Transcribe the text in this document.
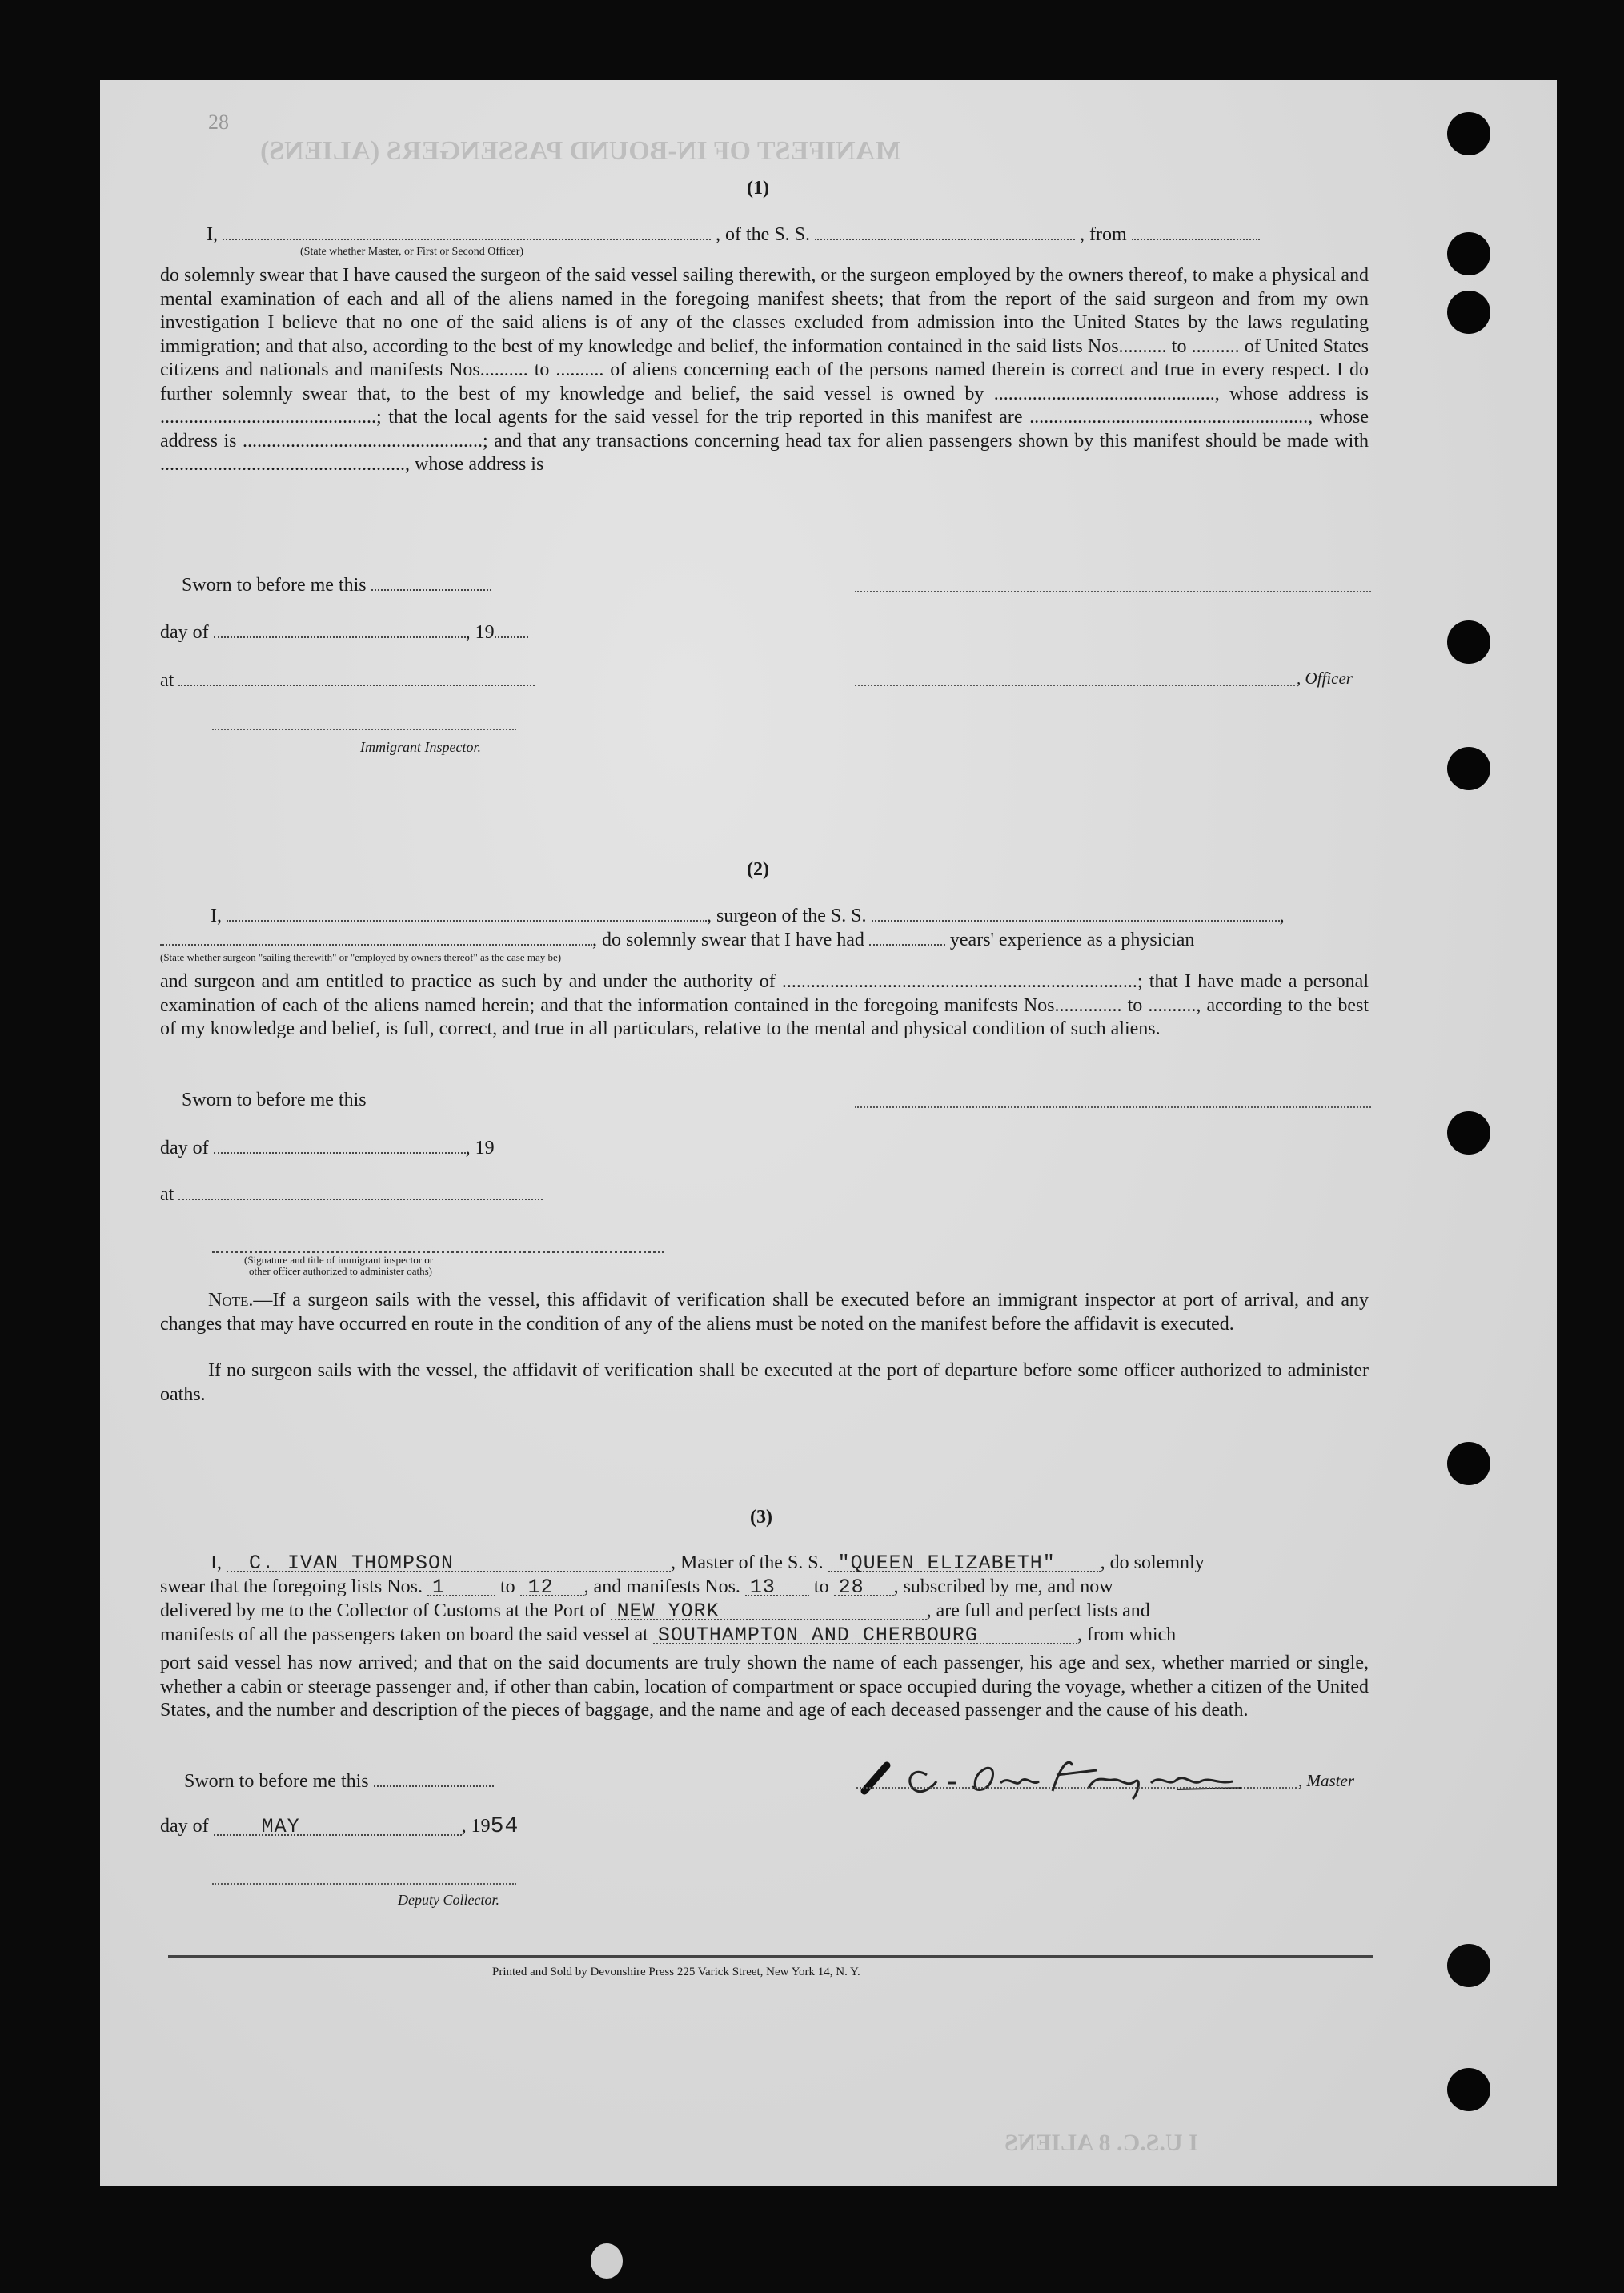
MANIFEST OF IN-BOUND PASSENGERS (ALIENS)
I U.S.C. 8 ALIENS
28
(1)
I,	, of the S. S.	, from
(State whether Master, or First or Second Officer)
do solemnly swear that I have caused the surgeon of the said vessel sailing therewith, or the surgeon employed by the owners thereof, to make a physical and mental examination of each and all of the aliens named in the foregoing manifest sheets; that from the report of the said surgeon and from my own investigation I believe that no one of the said aliens is of any of the classes excluded from admission into the United States by the laws regulating immigration; and that also, according to the best of my knowledge and belief, the information contained in the said lists Nos.......... to .......... of United States citizens and nationals and manifests Nos.......... to .......... of aliens concerning each of the persons named therein is correct and true in every respect. I do further solemnly swear that, to the best of my knowledge and belief, the said vessel is owned by .............................................., whose address is .............................................; that the local agents for the said vessel for the trip reported in this manifest are .........................................................., whose address is ..................................................; and that any transactions concerning head tax for alien passengers shown by this manifest should be made with ..................................................., whose address is
Sworn to before me this
day of	, 19
at	, Officer
Immigrant Inspector.
(2)
I,	, surgeon of the S. S.	,
, do solemnly swear that I have had	years' experience as a physician
(State whether surgeon "sailing therewith" or "employed by owners thereof" as the case may be)
and surgeon and am entitled to practice as such by and under the authority of ..........................................................................; that I have made a personal examination of each of the aliens named herein; and that the information contained in the foregoing manifests Nos.............. to .........., according to the best of my knowledge and belief, is full, correct, and true in all particulars, relative to the mental and physical condition of such aliens.
Sworn to before me this
day of	, 19
at
(Signature and title of immigrant inspector or
other officer authorized to administer oaths)
Note.—If a surgeon sails with the vessel, this affidavit of verification shall be executed before an immigrant inspector at port of arrival, and any changes that may have occurred en route in the condition of any of the aliens must be noted on the manifest before the affidavit is executed.
If no surgeon sails with the vessel, the affidavit of verification shall be executed at the port of departure before some officer authorized to administer oaths.
(3)
I, C. IVAN THOMPSON	, Master of the S. S. "QUEEN ELIZABETH" , do solemnly
swear that the foregoing lists Nos. 1	to 12 , and manifests Nos. 13 to 28 , subscribed by me, and now
delivered by me to the Collector of Customs at the Port of NEW YORK	, are full and perfect lists and
manifests of all the passengers taken on board the said vessel at SOUTHAMPTON AND CHERBOURG	, from which
port said vessel has now arrived; and that on the said documents are truly shown the name of each passenger, his age and sex, whether married or single, whether a cabin or steerage passenger and, if other than cabin, location of compartment or space occupied during the voyage, whether a citizen of the United States, and the number and description of the pieces of baggage, and the name and age of each deceased passenger and the cause of his death.
Sworn to before me this	, Master
day of	MAY	, 1954
Deputy Collector.
Printed and Sold by Devonshire Press 225 Varick Street, New York 14, N. Y.
